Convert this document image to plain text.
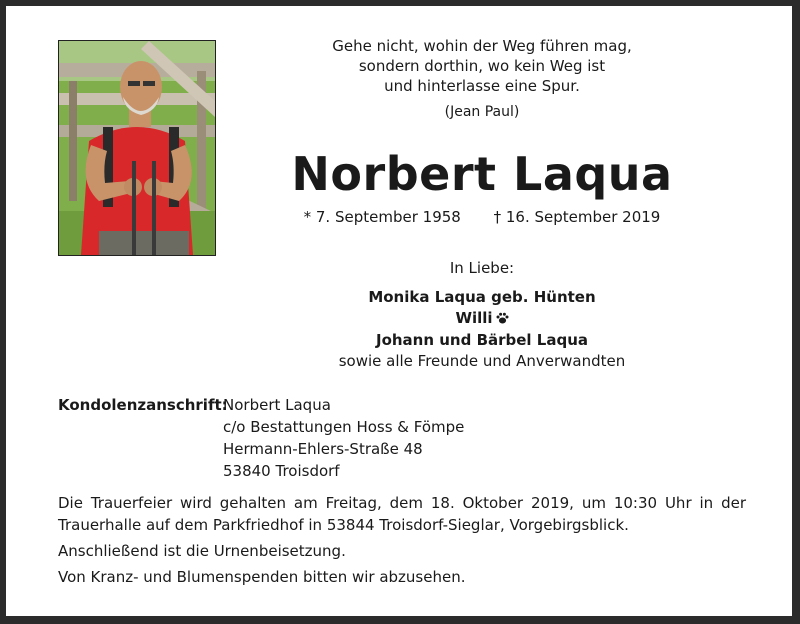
Gehe nicht, wohin der Weg führen mag,
sondern dorthin, wo kein Weg ist
und hinterlasse eine Spur.
(Jean Paul)
Norbert Laqua
* 7. September 1958 † 16. September 2019
In Liebe:
Monika Laqua geb. Hünten
Willi
Johann und Bärbel Laqua
sowie alle Freunde und Anverwandten
Kondolenzanschrift:
Norbert Laqua
c/o Bestattungen Hoss & Fömpe
Hermann-Ehlers-Straße 48
53840 Troisdorf

Die Trauerfeier wird gehalten am Freitag, dem 18. Oktober 2019, um 10:30 Uhr in der Trauerhalle auf dem Parkfriedhof in 53844 Troisdorf-Sieglar, Vorgebirgsblick.

Anschließend ist die Urnenbeisetzung.

Von Kranz- und Blumenspenden bitten wir abzusehen.
